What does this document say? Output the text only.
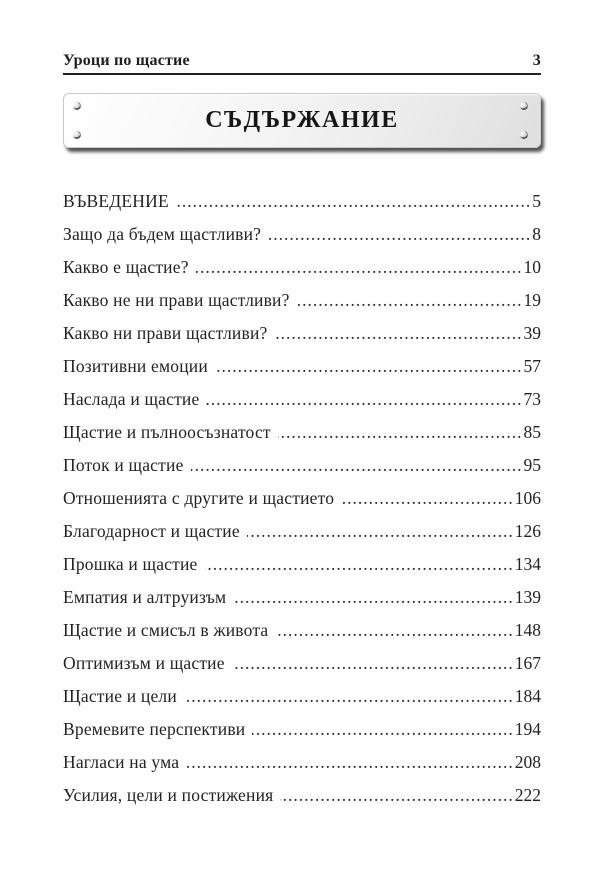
Уроци по щастие	3
СЪДЪРЖАНИЕ
ВЪВЕДЕНИЕ .....	5
Защо да бъдем щастливи? .....	8
Какво е щастие? .....	10
Какво не ни прави щастливи? .....	19
Какво ни прави щастливи? .....	39
Позитивни емоции .....	57
Наслада и щастие .....	73
Щастие и пълноосъзнатост .....	85
Поток и щастие .....	95
Отношенията с другите и щастието .....	106
Благодарност и щастие .....	126
Прошка и щастие .....	134
Емпатия и алтруизъм .....	139
Щастие и смисъл в живота .....	148
Оптимизъм и щастие .....	167
Щастие и цели .....	184
Времевите перспективи .....	194
Нагласи на ума .....	208
Усилия, цели и постижения .....	222
